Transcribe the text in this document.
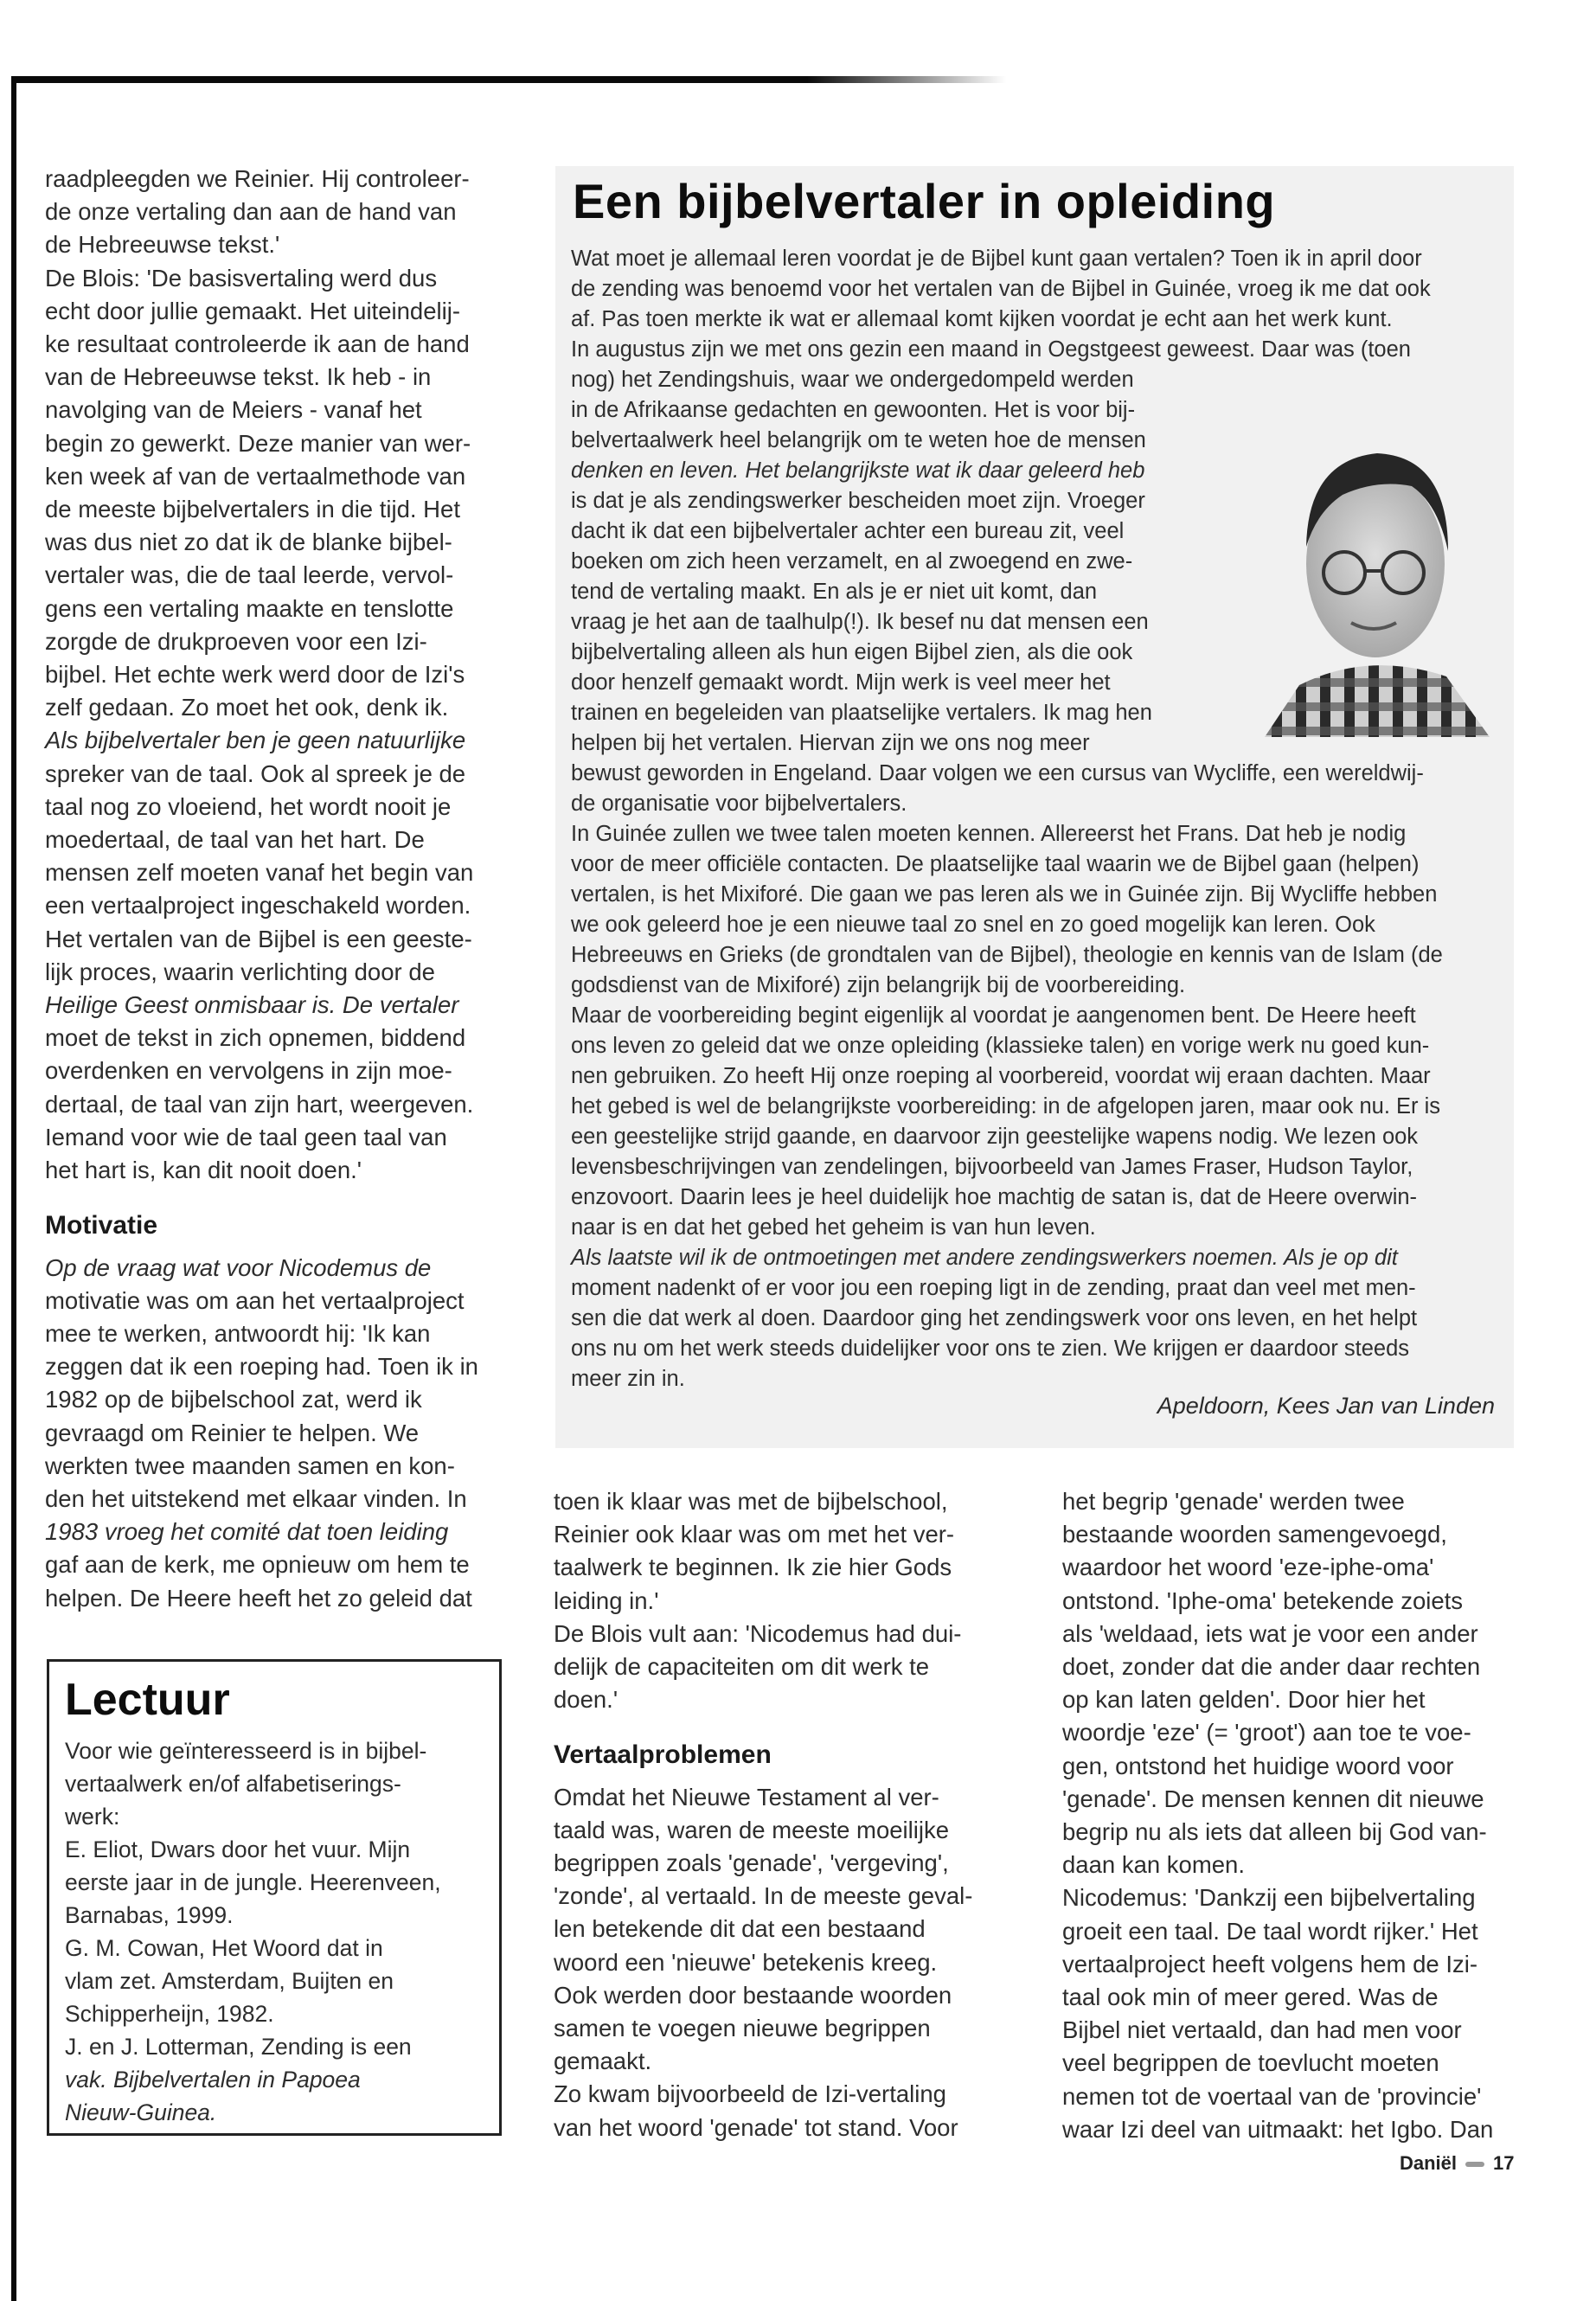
raadpleegden we Reinier. Hij controleer-
de onze vertaling dan aan de hand van
de Hebreeuwse tekst.'
De Blois: 'De basisvertaling werd dus
echt door jullie gemaakt. Het uiteindelij-
ke resultaat controleerde ik aan de hand
van de Hebreeuwse tekst. Ik heb - in
navolging van de Meiers - vanaf het
begin zo gewerkt. Deze manier van wer-
ken week af van de vertaalmethode van
de meeste bijbelvertalers in die tijd. Het
was dus niet zo dat ik de blanke bijbel-
vertaler was, die de taal leerde, vervol-
gens een vertaling maakte en tenslotte
zorgde de drukproeven voor een Izi-
bijbel. Het echte werk werd door de Izi's
zelf gedaan. Zo moet het ook, denk ik.
Als bijbelvertaler ben je geen natuurlijke
spreker van de taal. Ook al spreek je de
taal nog zo vloeiend, het wordt nooit je
moedertaal, de taal van het hart. De
mensen zelf moeten vanaf het begin van
een vertaalproject ingeschakeld worden.
Het vertalen van de Bijbel is een geeste-
lijk proces, waarin verlichting door de
Heilige Geest onmisbaar is. De vertaler
moet de tekst in zich opnemen, biddend
overdenken en vervolgens in zijn moe-
dertaal, de taal van zijn hart, weergeven.
Iemand voor wie de taal geen taal van
het hart is, kan dit nooit doen.'
Motivatie
Op de vraag wat voor Nicodemus de
motivatie was om aan het vertaalproject
mee te werken, antwoordt hij: 'Ik kan
zeggen dat ik een roeping had. Toen ik in
1982 op de bijbelschool zat, werd ik
gevraagd om Reinier te helpen. We
werkten twee maanden samen en kon-
den het uitstekend met elkaar vinden. In
1983 vroeg het comité dat toen leiding
gaf aan de kerk, me opnieuw om hem te
helpen. De Heere heeft het zo geleid dat
Een bijbelvertaler in opleiding
Wat moet je allemaal leren voordat je de Bijbel kunt gaan vertalen? Toen ik in april door
de zending was benoemd voor het vertalen van de Bijbel in Guinée, vroeg ik me dat ook
af. Pas toen merkte ik wat er allemaal komt kijken voordat je echt aan het werk kunt.
In augustus zijn we met ons gezin een maand in Oegstgeest geweest. Daar was (toen
nog) het Zendingshuis, waar we ondergedompeld werden
in de Afrikaanse gedachten en gewoonten. Het is voor bij-
belvertaalwerk heel belangrijk om te weten hoe de mensen
denken en leven. Het belangrijkste wat ik daar geleerd heb
is dat je als zendingswerker bescheiden moet zijn. Vroeger
dacht ik dat een bijbelvertaler achter een bureau zit, veel
boeken om zich heen verzamelt, en al zwoegend en zwe-
tend de vertaling maakt. En als je er niet uit komt, dan
vraag je het aan de taalhulp(!). Ik besef nu dat mensen een
bijbelvertaling alleen als hun eigen Bijbel zien, als die ook
door henzelf gemaakt wordt. Mijn werk is veel meer het
trainen en begeleiden van plaatselijke vertalers. Ik mag hen
helpen bij het vertalen. Hiervan zijn we ons nog meer
bewust geworden in Engeland. Daar volgen we een cursus van Wycliffe, een wereldwij-
de organisatie voor bijbelvertalers.
In Guinée zullen we twee talen moeten kennen. Allereerst het Frans. Dat heb je nodig
voor de meer officiële contacten. De plaatselijke taal waarin we de Bijbel gaan (helpen)
vertalen, is het Mixiforé. Die gaan we pas leren als we in Guinée zijn. Bij Wycliffe hebben
we ook geleerd hoe je een nieuwe taal zo snel en zo goed mogelijk kan leren. Ook
Hebreeuws en Grieks (de grondtalen van de Bijbel), theologie en kennis van de Islam (de
godsdienst van de Mixiforé) zijn belangrijk bij de voorbereiding.
Maar de voorbereiding begint eigenlijk al voordat je aangenomen bent. De Heere heeft
ons leven zo geleid dat we onze opleiding (klassieke talen) en vorige werk nu goed kun-
nen gebruiken. Zo heeft Hij onze roeping al voorbereid, voordat wij eraan dachten. Maar
het gebed is wel de belangrijkste voorbereiding: in de afgelopen jaren, maar ook nu. Er is
een geestelijke strijd gaande, en daarvoor zijn geestelijke wapens nodig. We lezen ook
levensbeschrijvingen van zendelingen, bijvoorbeeld van James Fraser, Hudson Taylor,
enzovoort. Daarin lees je heel duidelijk hoe machtig de satan is, dat de Heere overwin-
naar is en dat het gebed het geheim is van hun leven.
Als laatste wil ik de ontmoetingen met andere zendingswerkers noemen. Als je op dit
moment nadenkt of er voor jou een roeping ligt in de zending, praat dan veel met men-
sen die dat werk al doen. Daardoor ging het zendingswerk voor ons leven, en het helpt
ons nu om het werk steeds duidelijker voor ons te zien. We krijgen er daardoor steeds
meer zin in.
Apeldoorn, Kees Jan van Linden
Lectuur
Voor wie geïnteresseerd is in bijbel-
vertaalwerk en/of alfabetiserings-
werk:
E. Eliot, Dwars door het vuur. Mijn
eerste jaar in de jungle. Heerenveen,
Barnabas, 1999.
G. M. Cowan, Het Woord dat in
vlam zet. Amsterdam, Buijten en
Schipperheijn, 1982.
J. en J. Lotterman, Zending is een
vak. Bijbelvertalen in Papoea
Nieuw-Guinea.
toen ik klaar was met de bijbelschool,
Reinier ook klaar was om met het ver-
taalwerk te beginnen. Ik zie hier Gods
leiding in.'
De Blois vult aan: 'Nicodemus had dui-
delijk de capaciteiten om dit werk te
doen.'
Vertaalproblemen
Omdat het Nieuwe Testament al ver-
taald was, waren de meeste moeilijke
begrippen zoals 'genade', 'vergeving',
'zonde', al vertaald. In de meeste geval-
len betekende dit dat een bestaand
woord een 'nieuwe' betekenis kreeg.
Ook werden door bestaande woorden
samen te voegen nieuwe begrippen
gemaakt.
Zo kwam bijvoorbeeld de Izi-vertaling
van het woord 'genade' tot stand. Voor
het begrip 'genade' werden twee
bestaande woorden samengevoegd,
waardoor het woord 'eze-iphe-oma'
ontstond. 'Iphe-oma' betekende zoiets
als 'weldaad, iets wat je voor een ander
doet, zonder dat die ander daar rechten
op kan laten gelden'. Door hier het
woordje 'eze' (= 'groot') aan toe te voe-
gen, ontstond het huidige woord voor
'genade'. De mensen kennen dit nieuwe
begrip nu als iets dat alleen bij God van-
daan kan komen.
Nicodemus: 'Dankzij een bijbelvertaling
groeit een taal. De taal wordt rijker.' Het
vertaalproject heeft volgens hem de Izi-
taal ook min of meer gered. Was de
Bijbel niet vertaald, dan had men voor
veel begrippen de toevlucht moeten
nemen tot de voertaal van de 'provincie'
waar Izi deel van uitmaakt: het Igbo. Dan
Daniël 17
